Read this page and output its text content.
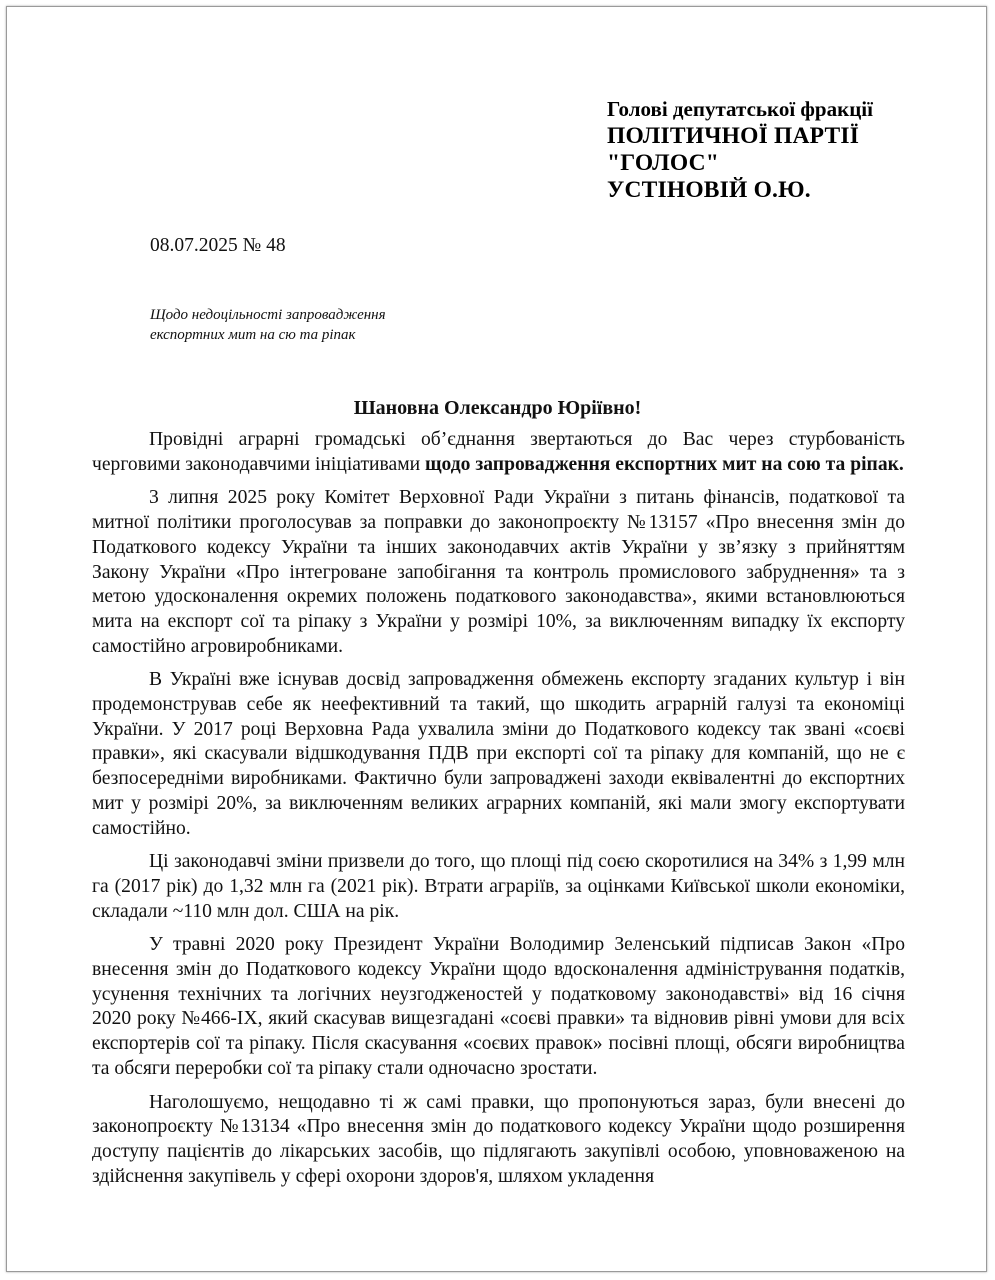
Голові депутатської фракції
ПОЛІТИЧНОЇ ПАРТІЇ
"ГОЛОС"
УСТІНОВІЙ О.Ю.
08.07.2025 № 48
Щодо недоцільності запровадження
експортних мит на сю та ріпак
Шановна Олександро Юріївно!

Провідні аграрні громадські об’єднання звертаються до Вас через стурбованість черговими законодавчими ініціативами щодо запровадження експортних мит на сою та ріпак.

3 липня 2025 року Комітет Верховної Ради України з питань фінансів, податкової та митної політики проголосував за поправки до законопроєкту №13157 «Про внесення змін до Податкового кодексу України та інших законодавчих актів України у зв’язку з прийняттям Закону України «Про інтегроване запобігання та контроль промислового забруднення» та з метою удосконалення окремих положень податкового законодавства», якими встановлюються мита на експорт сої та ріпаку з України у розмірі 10%, за виключенням випадку їх експорту самостійно агровиробниками.

В Україні вже існував досвід запровадження обмежень експорту згаданих культур і він продемонстрував себе як неефективний та такий, що шкодить аграрній галузі та економіці України. У 2017 році Верховна Рада ухвалила зміни до Податкового кодексу так звані «соєві правки», які скасували відшкодування ПДВ при експорті сої та ріпаку для компаній, що не є безпосередніми виробниками. Фактично були запроваджені заходи еквівалентні до експортних мит у розмірі 20%, за виключенням великих аграрних компаній, які мали змогу експортувати самостійно.

Ці законодавчі зміни призвели до того, що площі під соєю скоротилися на 34% з 1,99 млн га (2017 рік) до 1,32 млн га (2021 рік). Втрати аграріїв, за оцінками Київської школи економіки, складали ~110 млн дол. США на рік.

У травні 2020 року Президент України Володимир Зеленський підписав Закон «Про внесення змін до Податкового кодексу України щодо вдосконалення адміністрування податків, усунення технічних та логічних неузгодженостей у податковому законодавстві» від 16 січня 2020 року №466-IX, який скасував вищезгадані «соєві правки» та відновив рівні умови для всіх експортерів сої та ріпаку. Після скасування «соєвих правок» посівні площі, обсяги виробництва та обсяги переробки сої та ріпаку стали одночасно зростати.

Наголошуємо, нещодавно ті ж самі правки, що пропонуються зараз, були внесені до законопроєкту №13134 «Про внесення змін до податкового кодексу України щодо розширення доступу пацієнтів до лікарських засобів, що підлягають закупівлі особою, уповноваженою на здійснення закупівель у сфері охорони здоров'я, шляхом укладення
